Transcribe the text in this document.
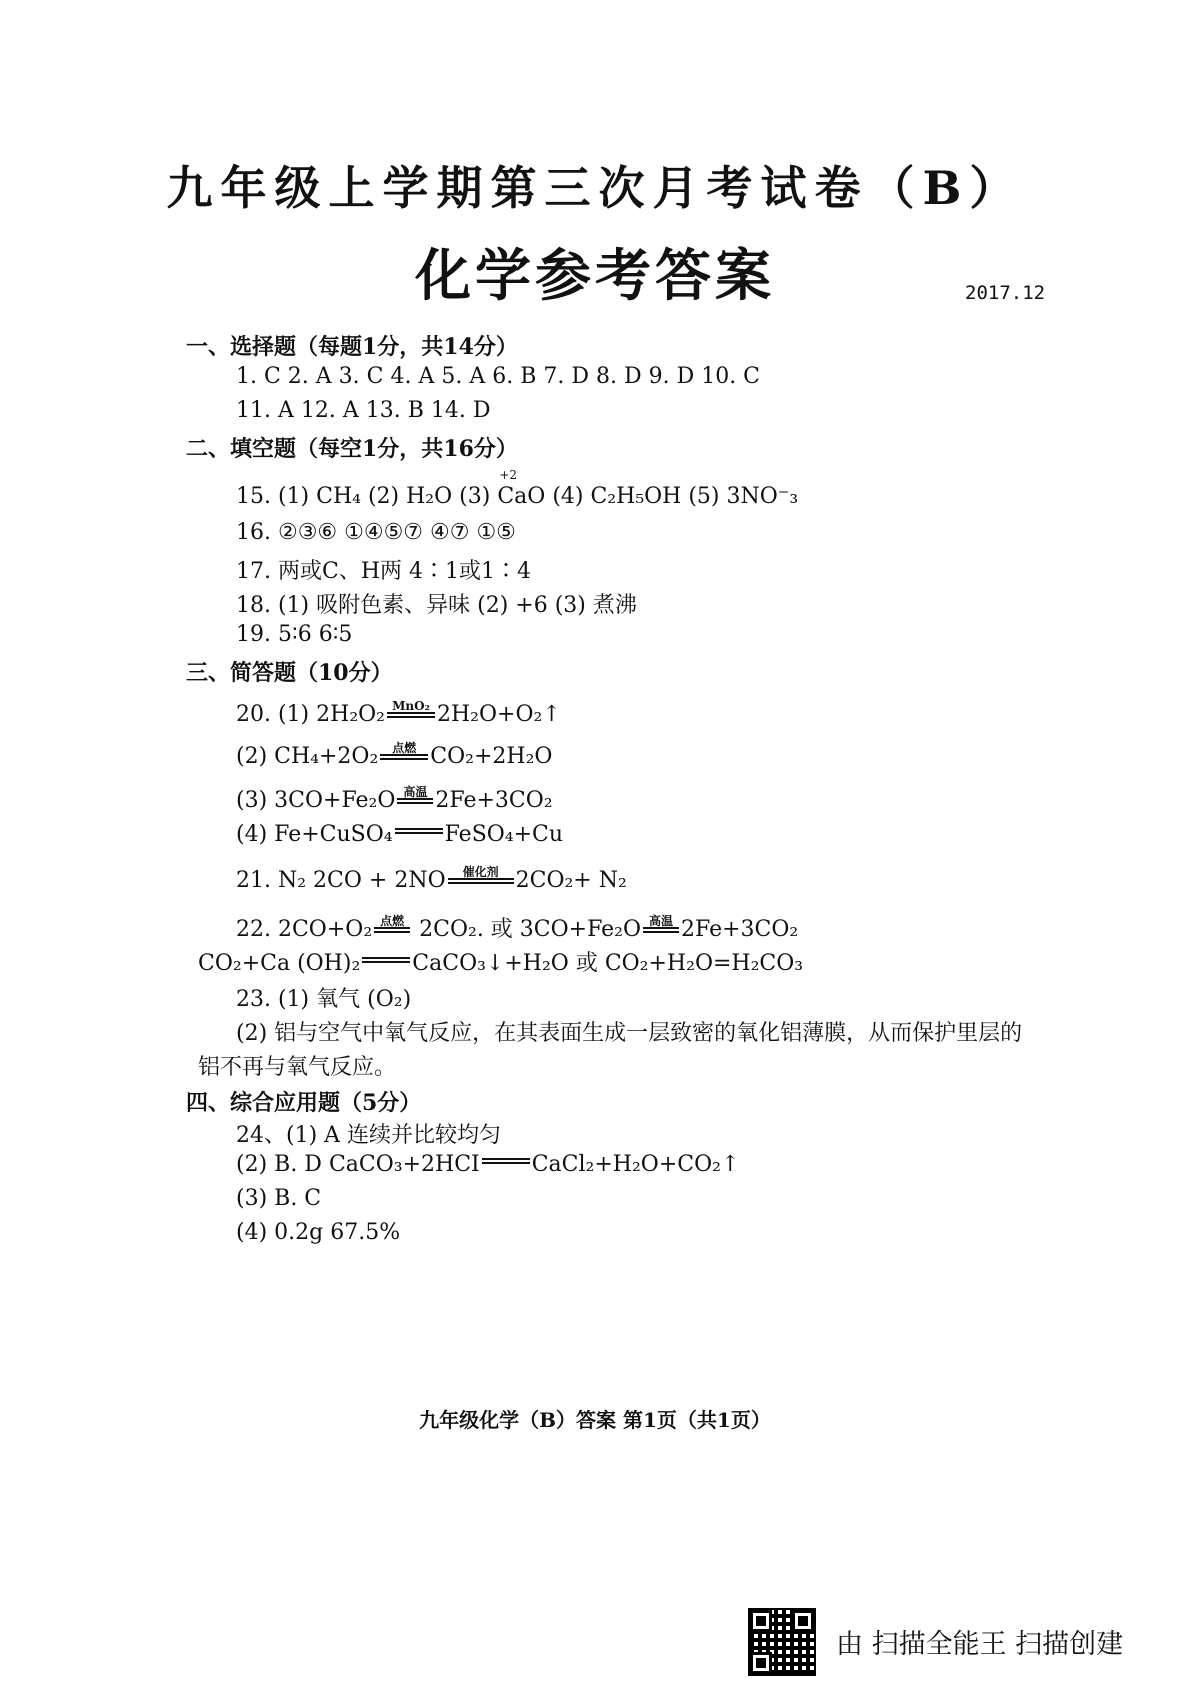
九年级上学期第三次月考试卷（B）
化学参考答案	2017.12
一、选择题（每题1分，共14分）
1. C 2. A 3. C 4. A 5. A 6. B 7. D 8. D 9. D 10. C
11. A 12. A 13. B 14. D
二、填空题（每空1分，共16分）
15. (1) CH₄ (2) H₂O (3)
+2
CaO (4) C₂H₅OH (5) 3NO⁻₃
16. ②③⑥ ①④⑤⑦ ④⑦ ①⑤
17. 两或C、H两 4∶1或1∶4
18. (1) 吸附色素、异味 (2) +6 (3) 煮沸
19. 5∶6 6∶5
三、简答题（10分）
20. (1) 2H₂O₂ MnO₂ 2H₂O+O₂↑
(2) CH₄+2O₂ 点燃 CO₂+2H₂O
(3) 3CO+Fe₂O 高温 2Fe+3CO₂
(4) Fe+CuSO₄ FeSO₄+Cu
21. N₂ 2CO + 2NO 催化剂 2CO₂+ N₂
22. 2CO+O₂ 点燃 2CO₂. 或 3CO+Fe₂O 高温 2Fe+3CO₂
CO₂+Ca (OH)₂ CaCO₃↓+H₂O 或 CO₂+H₂O=H₂CO₃
23. (1) 氧气 (O₂)
(2) 铝与空气中氧气反应，在其表面生成一层致密的氧化铝薄膜，从而保护里层的
铝不再与氧气反应。
四、综合应用题（5分）
24、(1) A 连续并比较均匀
(2) B. D CaCO₃+2HCI CaCl₂+H₂O+CO₂↑
(3) B. C
(4) 0.2g 67.5%
九年级化学（B）答案 第1页（共1页）
由 扫描全能王 扫描创建
